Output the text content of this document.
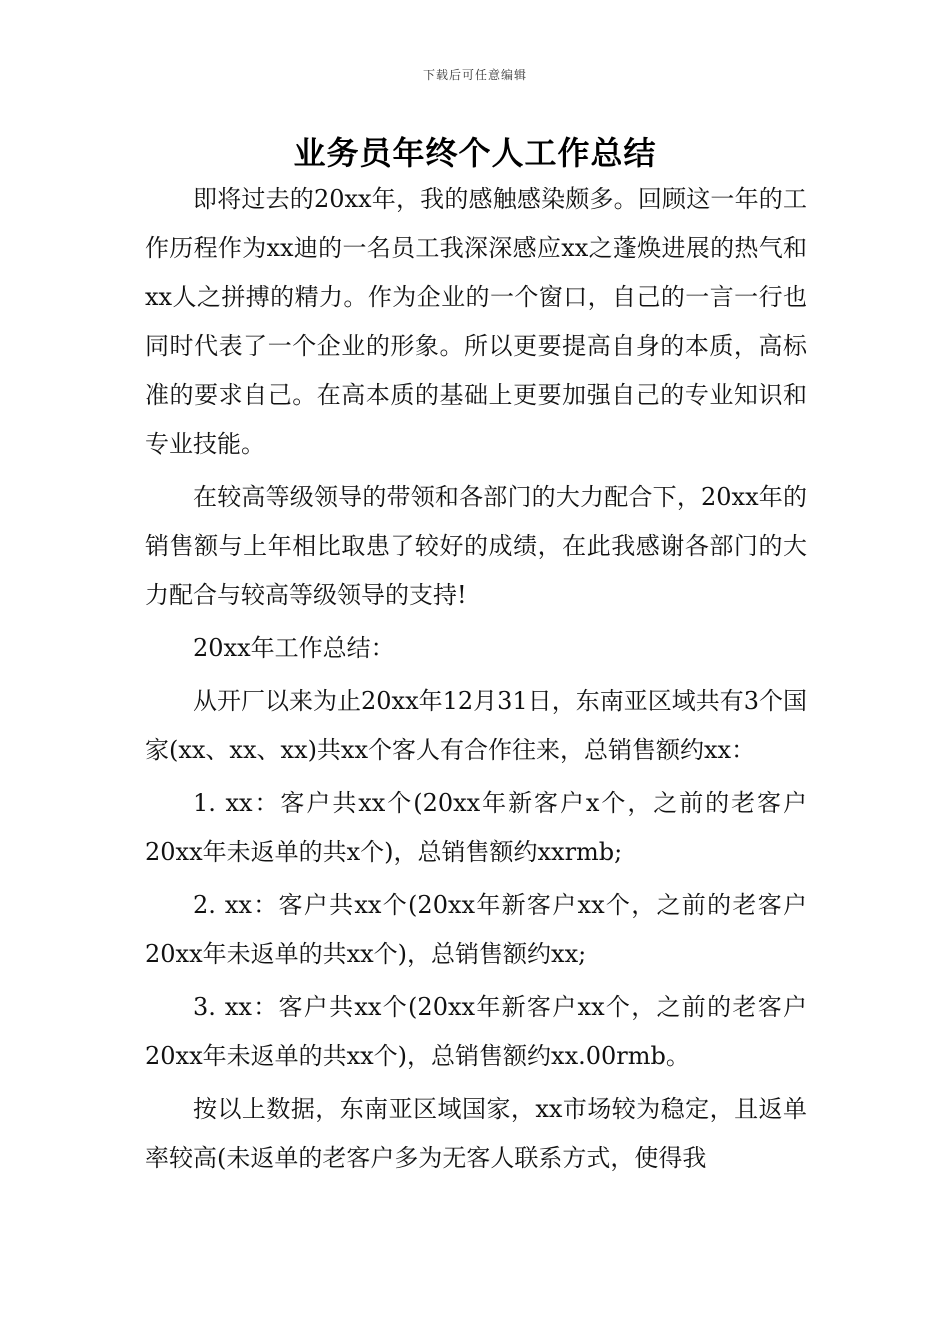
下载后可任意编辑
业务员年终个人工作总结

即将过去的20xx年，我的感触感染颇多。回顾这一年的工作历程作为xx迪的一名员工我深深感应xx之蓬焕进展的热气和xx人之拼搏的精力。作为企业的一个窗口，自己的一言一行也同时代表了一个企业的形象。所以更要提高自身的本质，高标准的要求自己。在高本质的基础上更要加强自己的专业知识和专业技能。

在较高等级领导的带领和各部门的大力配合下，20xx年的销售额与上年相比取患了较好的成绩，在此我感谢各部门的大力配合与较高等级领导的支持!

20xx年工作总结：

从开厂以来为止20xx年12月31日，东南亚区域共有3个国家(xx、xx、xx)共xx个客人有合作往来，总销售额约xx：

1. xx：客户共xx个(20xx年新客户x个，之前的老客户20xx年未返单的共x个)，总销售额约xxrmb;

2. xx：客户共xx个(20xx年新客户xx个，之前的老客户20xx年未返单的共xx个)，总销售额约xx;

3. xx：客户共xx个(20xx年新客户xx个，之前的老客户20xx年未返单的共xx个)，总销售额约xx.00rmb。

按以上数据，东南亚区域国家，xx市场较为稳定，且返单率较高(未返单的老客户多为无客人联系方式，使得我
